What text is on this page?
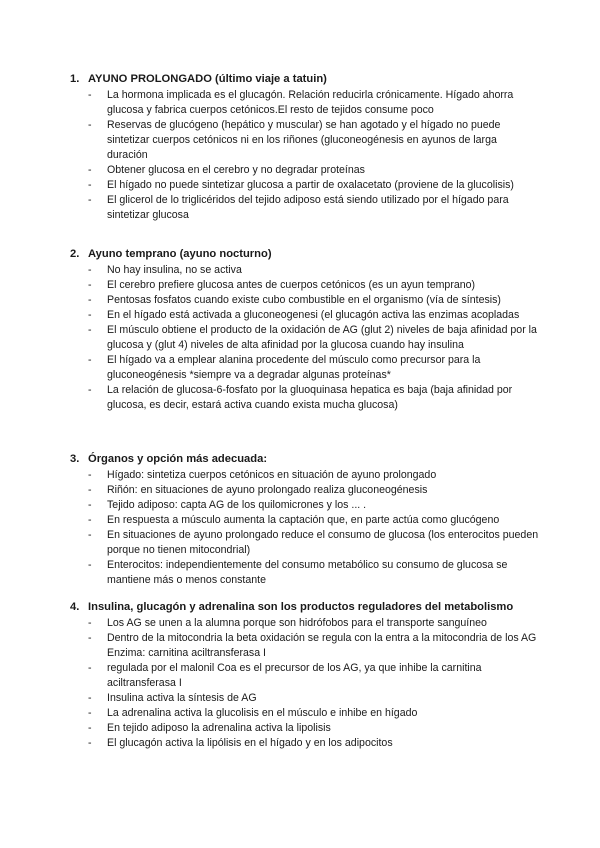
1. AYUNO PROLONGADO (último viaje a tatuin)
- La hormona implicada es el glucagón. Relación reducirla crónicamente. Hígado ahorra glucosa y fabrica cuerpos cetónicos.El resto de tejidos consume poco
- Reservas de glucógeno (hepático y muscular) se han agotado y el hígado no puede sintetizar cuerpos cetónicos ni en los riñones (gluconeogénesis en ayunos de larga duración
- Obtener glucosa en el cerebro y no degradar proteínas
- El hígado no puede sintetizar glucosa a partir de oxalacetato (proviene de la glucolisis)
- El glicerol de lo triglicéridos del tejido adiposo está siendo utilizado por el hígado para sintetizar glucosa
2. Ayuno temprano (ayuno nocturno)
- No hay insulina, no se activa
- El cerebro prefiere glucosa antes de cuerpos cetónicos (es un ayun temprano)
- Pentosas fosfatos cuando existe cubo combustible en el organismo (vía de síntesis)
- En el hígado está activada a gluconeogenesi (el glucagón activa las enzimas acopladas
- El músculo obtiene el producto de la oxidación de AG (glut 2) niveles de baja afinidad por la glucosa y (glut 4) niveles de alta afinidad por la glucosa cuando hay insulina
- El hígado va a emplear alanina procedente del músculo como precursor para la gluconeogénesis *siempre va a degradar algunas proteínas*
- La relación de glucosa-6-fosfato por la gluoquinasa hepatica es baja (baja afinidad por glucosa, es decir, estará activa cuando exista mucha glucosa)
3. Órganos y opción más adecuada:
- Hígado: sintetiza cuerpos cetónicos en situación de ayuno prolongado
- Riñón: en situaciones de ayuno prolongado realiza gluconeogénesis
- Tejido adiposo: capta AG de los quilomicrones y los ... .
- En respuesta a músculo aumenta la captación que, en parte actúa como glucógeno
- En situaciones de ayuno prolongado reduce el consumo de glucosa (los enterocitos pueden porque no tienen mitocondrial)
- Enterocitos: independientemente del consumo metabólico su consumo de glucosa se mantiene más o menos constante
4. Insulina, glucagón y adrenalina son los productos reguladores del metabolismo
- Los AG se unen a la alumna porque son hidrófobos para el transporte sanguíneo
- Dentro de la mitocondria la beta oxidación se regula con la entra a la mitocondria de los AG Enzima: carnitina aciltransferasa I
- regulada por el malonil Coa es el precursor de los AG, ya que inhibe la carnitina aciltransferasa I
- Insulina activa la síntesis de AG
- La adrenalina activa la glucolisis en el músculo e inhibe en hígado
- En tejido adiposo la adrenalina activa la lipolisis
- El glucagón activa la lipólisis en el hígado y en los adipocitos
